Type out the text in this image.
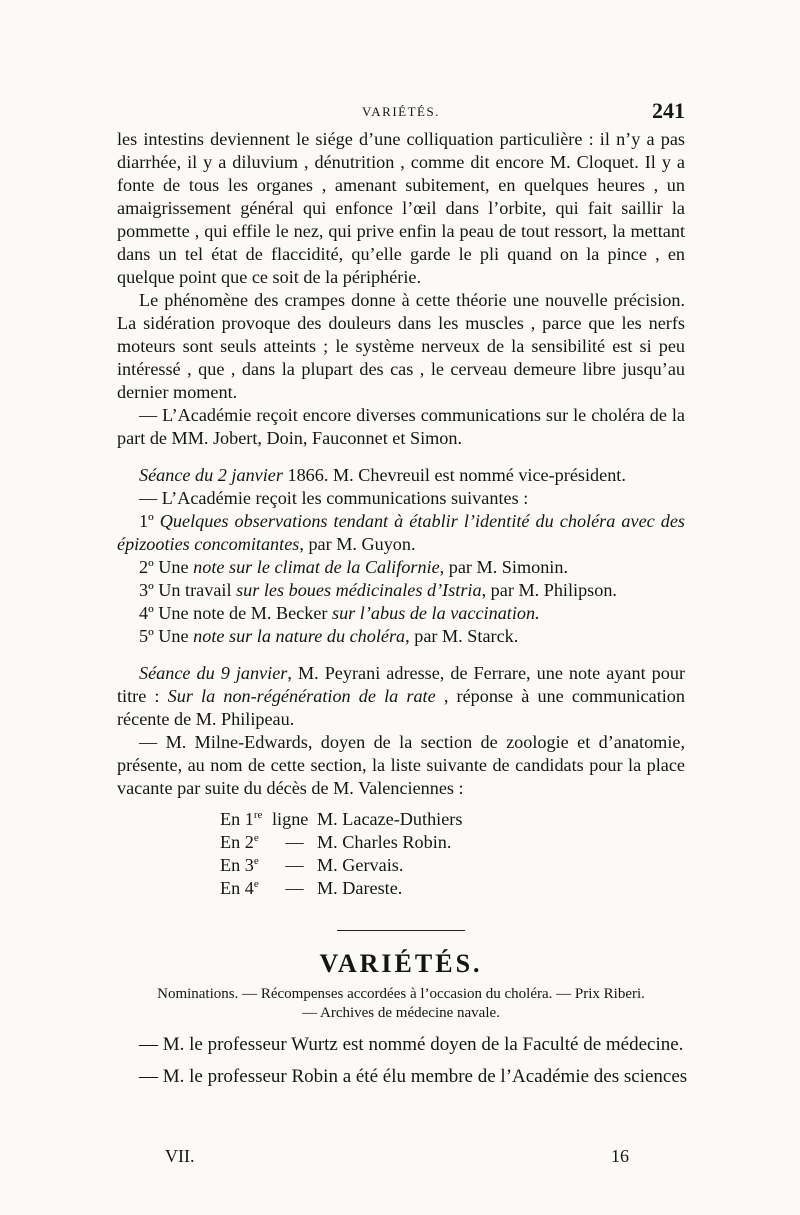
VARIÉTÉS.	241

les intestins deviennent le siége d’une colliquation particulière : il n’y a pas diarrhée, il y a diluvium , dénutrition , comme dit encore M. Cloquet. Il y a fonte de tous les organes , amenant subitement, en quelques heures , un amaigrissement général qui enfonce l’œil dans l’orbite, qui fait saillir la pommette , qui effile le nez, qui prive enfin la peau de tout ressort, la mettant dans un tel état de flaccidité, qu’elle garde le pli quand on la pince , en quelque point que ce soit de la périphérie.

Le phénomène des crampes donne à cette théorie une nouvelle précision. La sidération provoque des douleurs dans les muscles , parce que les nerfs moteurs sont seuls atteints ; le système nerveux de la sensibilité est si peu intéressé , que , dans la plupart des cas , le cerveau demeure libre jusqu’au dernier moment.

— L’Académie reçoit encore diverses communications sur le choléra de la part de MM. Jobert, Doin, Fauconnet et Simon.

Séance du 2 janvier 1866. M. Chevreuil est nommé vice-président.

— L’Académie reçoit les communications suivantes :

1º Quelques observations tendant à établir l’identité du choléra avec des épizooties concomitantes, par M. Guyon.

2º Une note sur le climat de la Californie, par M. Simonin.

3º Un travail sur les boues médicinales d’Istria, par M. Philipson.

4º Une note de M. Becker sur l’abus de la vaccination.

5º Une note sur la nature du choléra, par M. Starck.

Séance du 9 janvier, M. Peyrani adresse, de Ferrare, une note ayant pour titre : Sur la non-régénération de la rate , réponse à une communication récente de M. Philipeau.

— M. Milne-Edwards, doyen de la section de zoologie et d’anatomie, présente, au nom de cette section, la liste suivante de candidats pour la place vacante par suite du décès de M. Valenciennes :

En 1re	ligne	M. Lacaze-Duthiers
En 2e	—	M. Charles Robin.
En 3e	—	M. Gervais.
En 4e	—	M. Dareste.
VARIÉTÉS.
Nominations. — Récompenses accordées à l’occasion du choléra. — Prix Riberi.
— Archives de médecine navale.

— M. le professeur Wurtz est nommé doyen de la Faculté de médecine.

— M. le professeur Robin a été élu membre de l’Académie des sciences

VII.	16
